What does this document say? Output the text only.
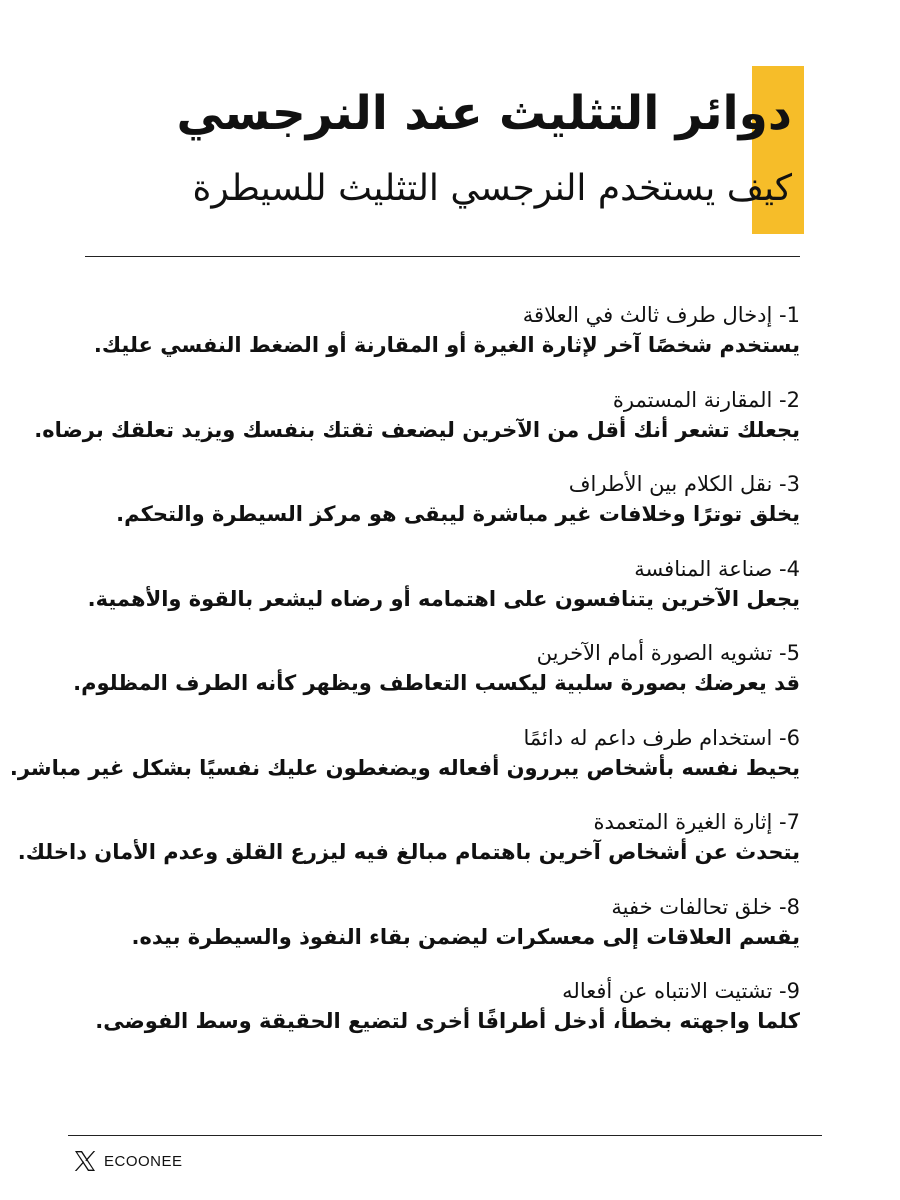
دوائر التثليث عند النرجسي
كيف يستخدم النرجسي التثليث للسيطرة
1- إدخال طرف ثالث في العلاقة
يستخدم شخصًا آخر لإثارة الغيرة أو المقارنة أو الضغط النفسي عليك.
2- المقارنة المستمرة
يجعلك تشعر أنك أقل من الآخرين ليضعف ثقتك بنفسك ويزيد تعلقك برضاه.
3- نقل الكلام بين الأطراف
يخلق توترًا وخلافات غير مباشرة ليبقى هو مركز السيطرة والتحكم.
4- صناعة المنافسة
يجعل الآخرين يتنافسون على اهتمامه أو رضاه ليشعر بالقوة والأهمية.
5- تشويه الصورة أمام الآخرين
قد يعرضك بصورة سلبية ليكسب التعاطف ويظهر كأنه الطرف المظلوم.
6- استخدام طرف داعم له دائمًا
يحيط نفسه بأشخاص يبررون أفعاله ويضغطون عليك نفسيًا بشكل غير مباشر.
7- إثارة الغيرة المتعمدة
يتحدث عن أشخاص آخرين باهتمام مبالغ فيه ليزرع القلق وعدم الأمان داخلك.
8- خلق تحالفات خفية
يقسم العلاقات إلى معسكرات ليضمن بقاء النفوذ والسيطرة بيده.
9- تشتيت الانتباه عن أفعاله
كلما واجهته بخطأ، أدخل أطرافًا أخرى لتضيع الحقيقة وسط الفوضى.
ECOONEE
